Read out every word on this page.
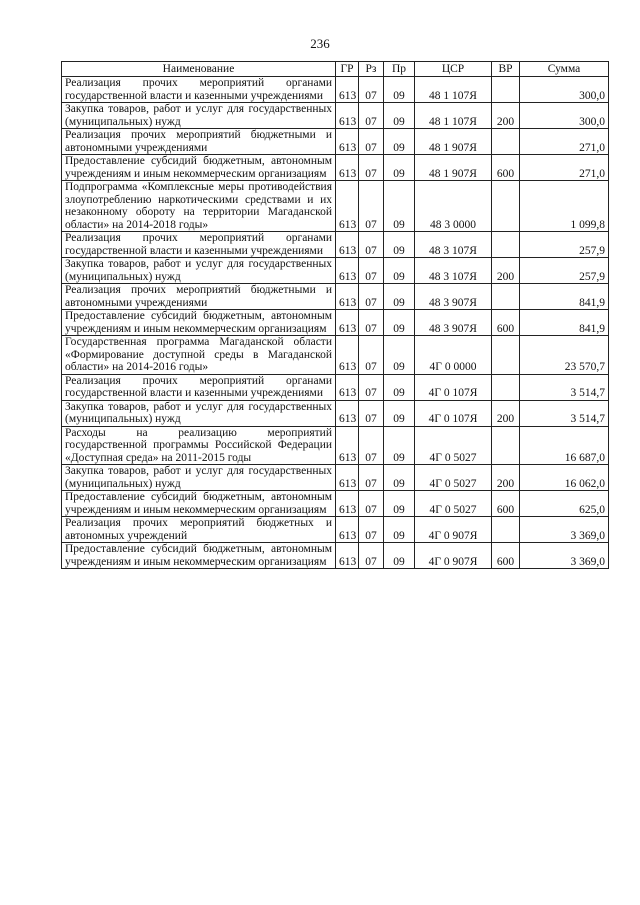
236
Наименование	ГР	Рз	Пр	ЦСР	ВР	Сумма
Реализация прочих мероприятий органами государственной власти и казенными учреждениями	613	07	09	48 1 107Я		300,0
Закупка товаров, работ и услуг для государственных (муниципальных) нужд	613	07	09	48 1 107Я	200	300,0
Реализация прочих мероприятий бюджетными и автономными учреждениями	613	07	09	48 1 907Я		271,0
Предоставление субсидий бюджетным, автономным учреждениям и иным некоммерческим организациям	613	07	09	48 1 907Я	600	271,0
Подпрограмма «Комплексные меры противодействия злоупотреблению наркотическими средствами и их незаконному обороту на территории Магаданской области» на 2014-2018 годы»	613	07	09	48 3 0000		1 099,8
Реализация прочих мероприятий органами государственной власти и казенными учреждениями	613	07	09	48 3 107Я		257,9
Закупка товаров, работ и услуг для государственных (муниципальных) нужд	613	07	09	48 3 107Я	200	257,9
Реализация прочих мероприятий бюджетными и автономными учреждениями	613	07	09	48 3 907Я		841,9
Предоставление субсидий бюджетным, автономным учреждениям и иным некоммерческим организациям	613	07	09	48 3 907Я	600	841,9
Государственная программа Магаданской области «Формирование доступной среды в Магаданской области» на 2014-2016 годы»	613	07	09	4Г 0 0000		23 570,7
Реализация прочих мероприятий органами государственной власти и казенными учреждениями	613	07	09	4Г 0 107Я		3 514,7
Закупка товаров, работ и услуг для государственных (муниципальных) нужд	613	07	09	4Г 0 107Я	200	3 514,7
Расходы на реализацию мероприятий государственной программы Российской Федерации «Доступная среда» на 2011-2015 годы	613	07	09	4Г 0 5027		16 687,0
Закупка товаров, работ и услуг для государственных (муниципальных) нужд	613	07	09	4Г 0 5027	200	16 062,0
Предоставление субсидий бюджетным, автономным учреждениям и иным некоммерческим организациям	613	07	09	4Г 0 5027	600	625,0
Реализация прочих мероприятий бюджетных и автономных учреждений	613	07	09	4Г 0 907Я		3 369,0
Предоставление субсидий бюджетным, автономным учреждениям и иным некоммерческим организациям	613	07	09	4Г 0 907Я	600	3 369,0
